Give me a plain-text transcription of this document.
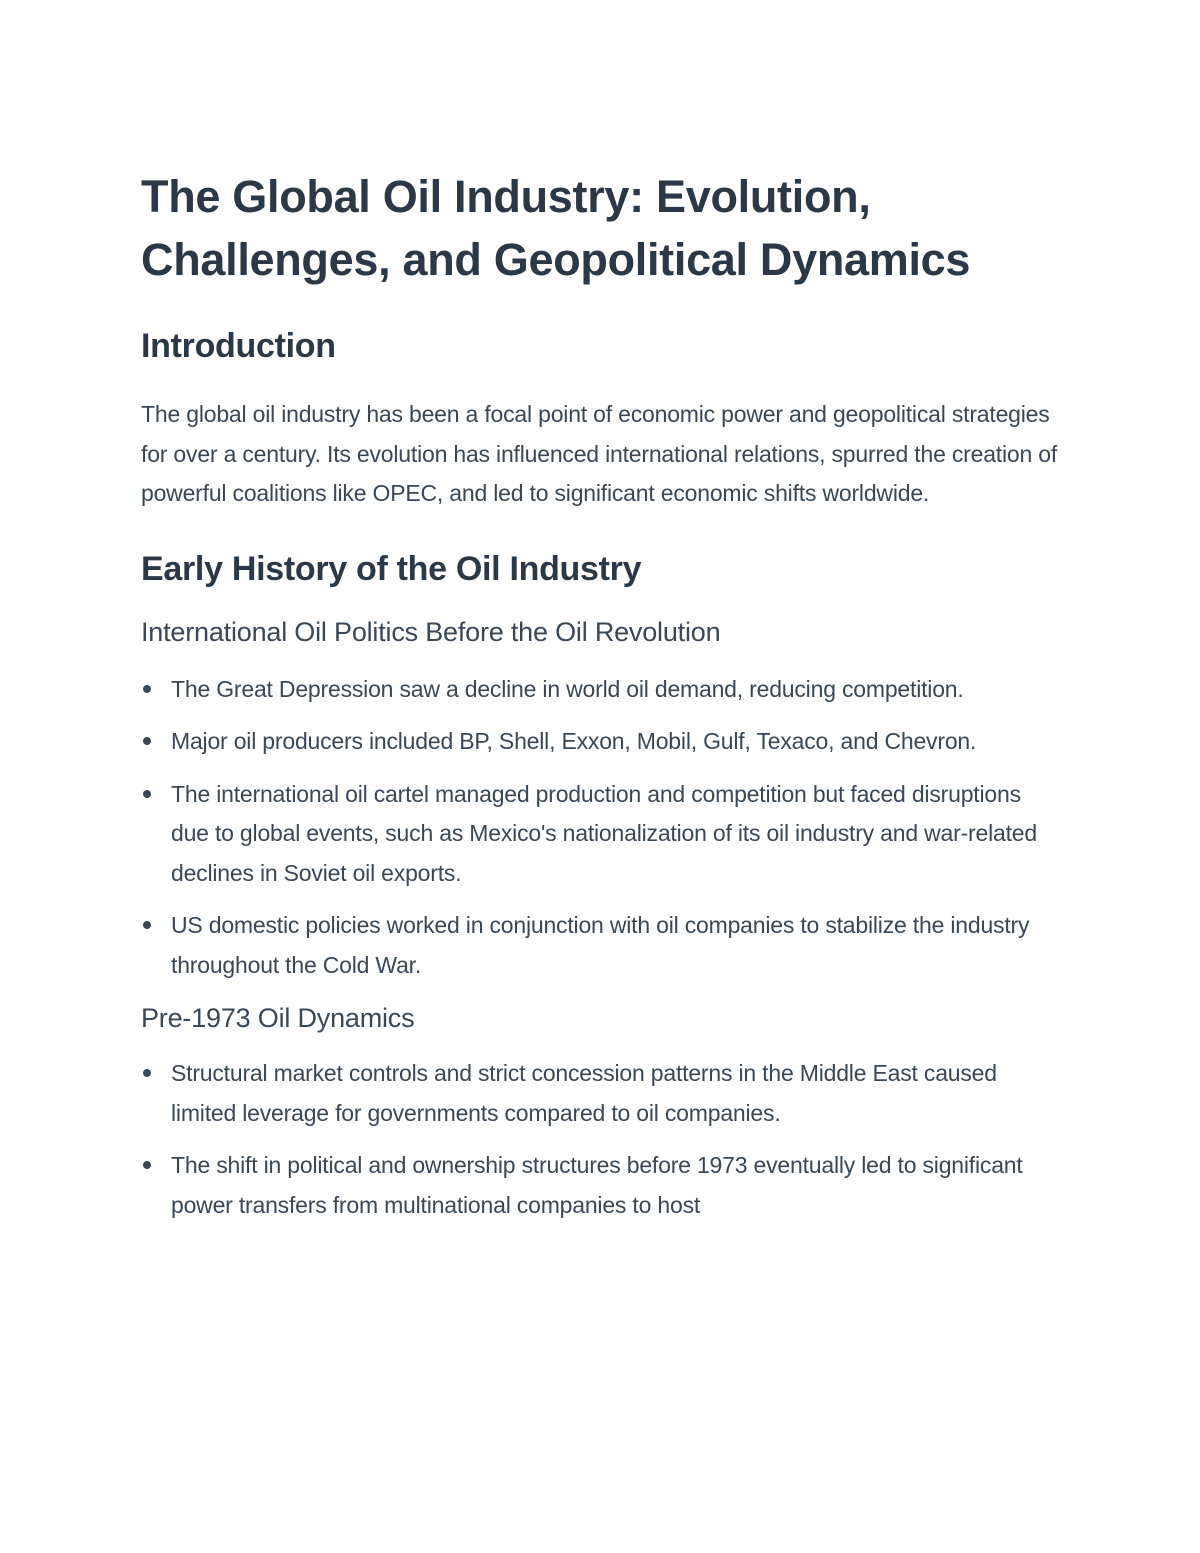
The Global Oil Industry: Evolution, Challenges, and Geopolitical Dynamics
Introduction

The global oil industry has been a focal point of economic power and geopolitical strategies for over a century. Its evolution has influenced international relations, spurred the creation of powerful coalitions like OPEC, and led to significant economic shifts worldwide.

Early History of the Oil Industry
International Oil Politics Before the Oil Revolution
The Great Depression saw a decline in world oil demand, reducing competition.
Major oil producers included BP, Shell, Exxon, Mobil, Gulf, Texaco, and Chevron.
The international oil cartel managed production and competition but faced disruptions due to global events, such as Mexico's nationalization of its oil industry and war-related declines in Soviet oil exports.
US domestic policies worked in conjunction with oil companies to stabilize the industry throughout the Cold War.
Pre-1973 Oil Dynamics
Structural market controls and strict concession patterns in the Middle East caused limited leverage for governments compared to oil companies.
The shift in political and ownership structures before 1973 eventually led to significant power transfers from multinational companies to host
